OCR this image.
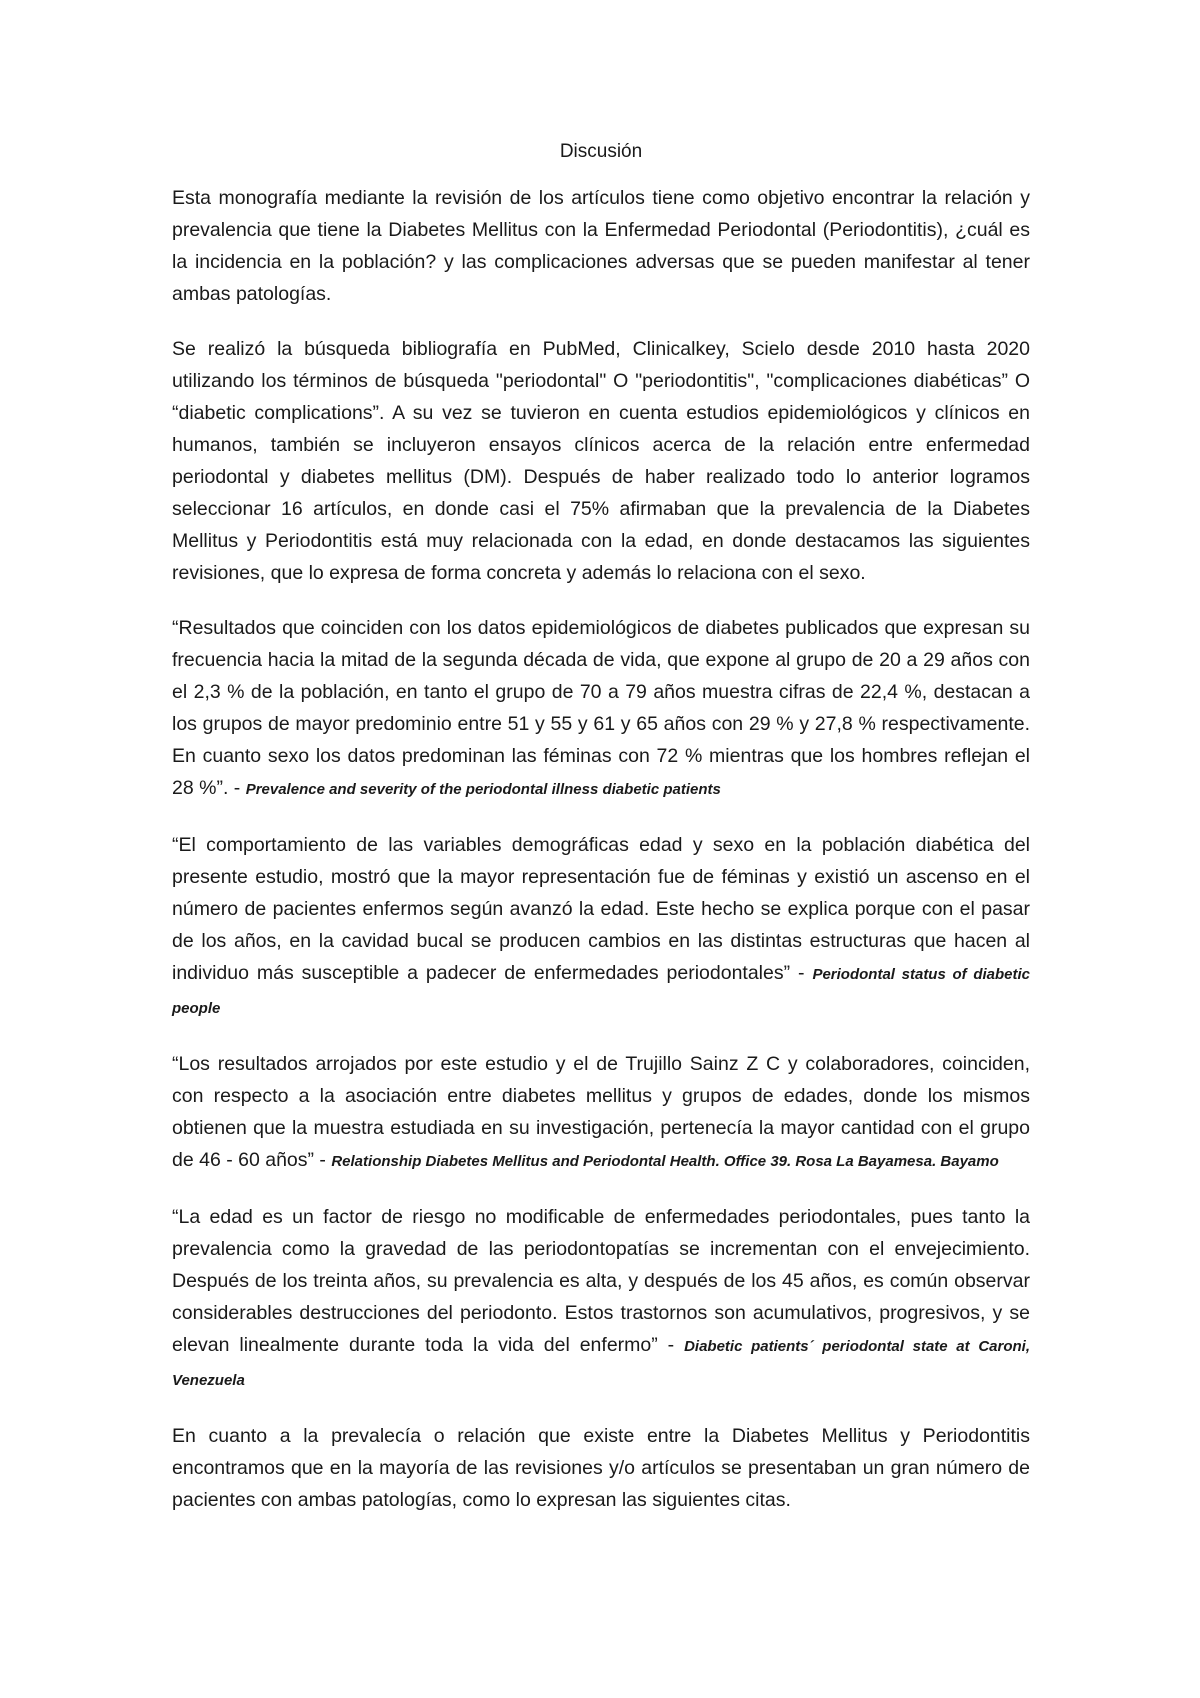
Discusión

Esta monografía mediante la revisión de los artículos tiene como objetivo encontrar la relación y prevalencia que tiene la Diabetes Mellitus con la Enfermedad Periodontal (Periodontitis), ¿cuál es la incidencia en la población? y las complicaciones adversas que se pueden manifestar al tener ambas patologías.

Se realizó la búsqueda bibliografía en PubMed, Clinicalkey, Scielo desde 2010 hasta 2020 utilizando los términos de búsqueda "periodontal" O "periodontitis", "complicaciones diabéticas” O “diabetic complications”. A su vez se tuvieron en cuenta estudios epidemiológicos y clínicos en humanos, también se incluyeron ensayos clínicos acerca de la relación entre enfermedad periodontal y diabetes mellitus (DM). Después de haber realizado todo lo anterior logramos seleccionar 16 artículos, en donde casi el 75% afirmaban que la prevalencia de la Diabetes Mellitus y Periodontitis está muy relacionada con la edad, en donde destacamos las siguientes revisiones, que lo expresa de forma concreta y además lo relaciona con el sexo.

“Resultados que coinciden con los datos epidemiológicos de diabetes publicados que expresan su frecuencia hacia la mitad de la segunda década de vida, que expone al grupo de 20 a 29 años con el 2,3 % de la población, en tanto el grupo de 70 a 79 años muestra cifras de 22,4 %, destacan a los grupos de mayor predominio entre 51 y 55 y 61 y 65 años con 29 % y 27,8 % respectivamente. En cuanto sexo los datos predominan las féminas con 72 % mientras que los hombres reflejan el 28 %”. - Prevalence and severity of the periodontal illness diabetic patients

“El comportamiento de las variables demográficas edad y sexo en la población diabética del presente estudio, mostró que la mayor representación fue de féminas y existió un ascenso en el número de pacientes enfermos según avanzó la edad. Este hecho se explica porque con el pasar de los años, en la cavidad bucal se producen cambios en las distintas estructuras que hacen al individuo más susceptible a padecer de enfermedades periodontales” - Periodontal status of diabetic people

“Los resultados arrojados por este estudio y el de Trujillo Sainz Z C y colaboradores, coinciden, con respecto a la asociación entre diabetes mellitus y grupos de edades, donde los mismos obtienen que la muestra estudiada en su investigación, pertenecía la mayor cantidad con el grupo de 46 - 60 años” - Relationship Diabetes Mellitus and Periodontal Health. Office 39. Rosa La Bayamesa. Bayamo

“La edad es un factor de riesgo no modificable de enfermedades periodontales, pues tanto la prevalencia como la gravedad de las periodontopatías se incrementan con el envejecimiento. Después de los treinta años, su prevalencia es alta, y después de los 45 años, es común observar considerables destrucciones del periodonto. Estos trastornos son acumulativos, progresivos, y se elevan linealmente durante toda la vida del enfermo” - Diabetic patients´ periodontal state at Caroni, Venezuela

En cuanto a la prevalecía o relación que existe entre la Diabetes Mellitus y Periodontitis encontramos que en la mayoría de las revisiones y/o artículos se presentaban un gran número de pacientes con ambas patologías, como lo expresan las siguientes citas.
